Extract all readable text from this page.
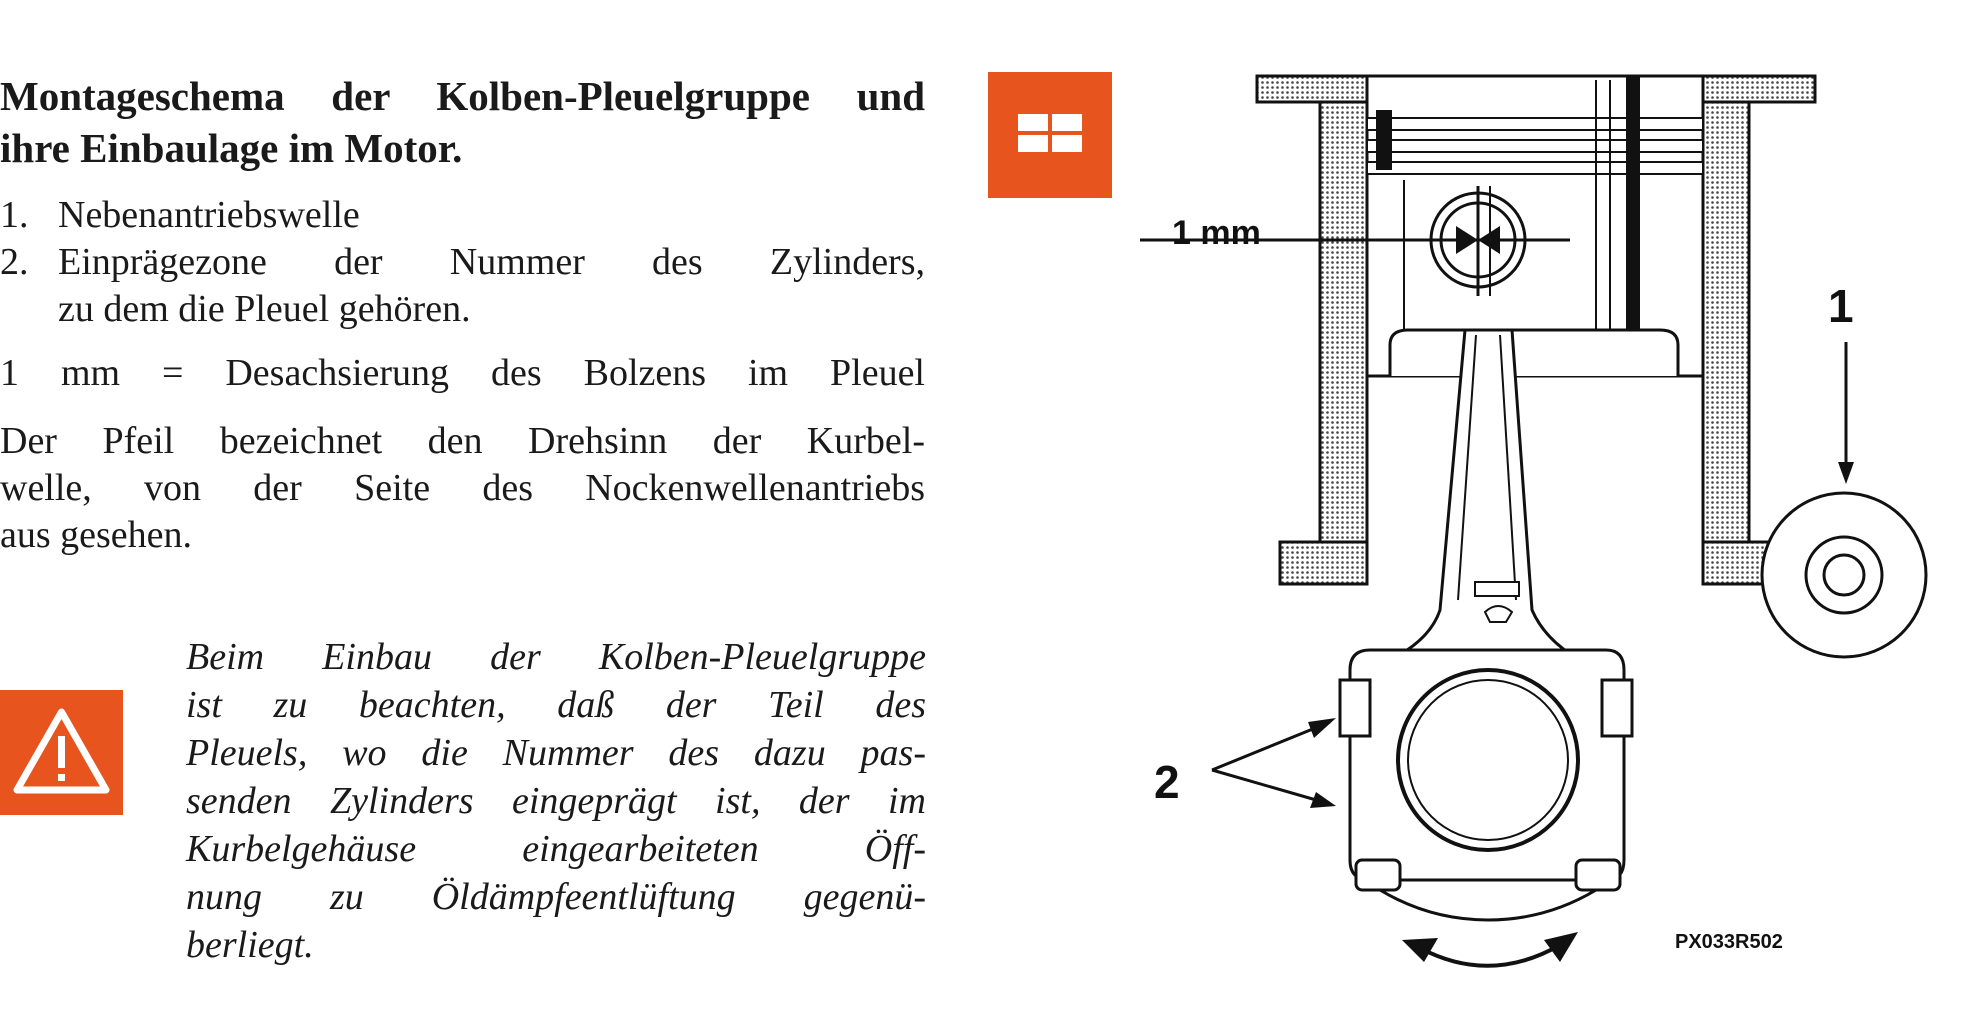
Montageschema der Kolben-Pleuelgruppe und
ihre Einbaulage im Motor.
1. Nebenantriebswelle
2. Einprägezone der Nummer des Zylinders,
zu dem die Pleuel gehören.

1 mm = Desachsierung des Bolzens im Pleuel

Der Pfeil bezeichnet den Drehsinn der Kurbel-
welle, von der Seite des Nockenwellenantriebs
aus gesehen.

Beim Einbau der Kolben-Pleuelgruppe
ist zu beachten, daß der Teil des
Pleuels, wo die Nummer des dazu pas-
senden Zylinders eingeprägt ist, der im
Kurbelgehäuse eingearbeiteten Öff-
nung zu Öldämpfeentlüftung gegenü-
berliegt.
1 mm
1
2
PX033R502
